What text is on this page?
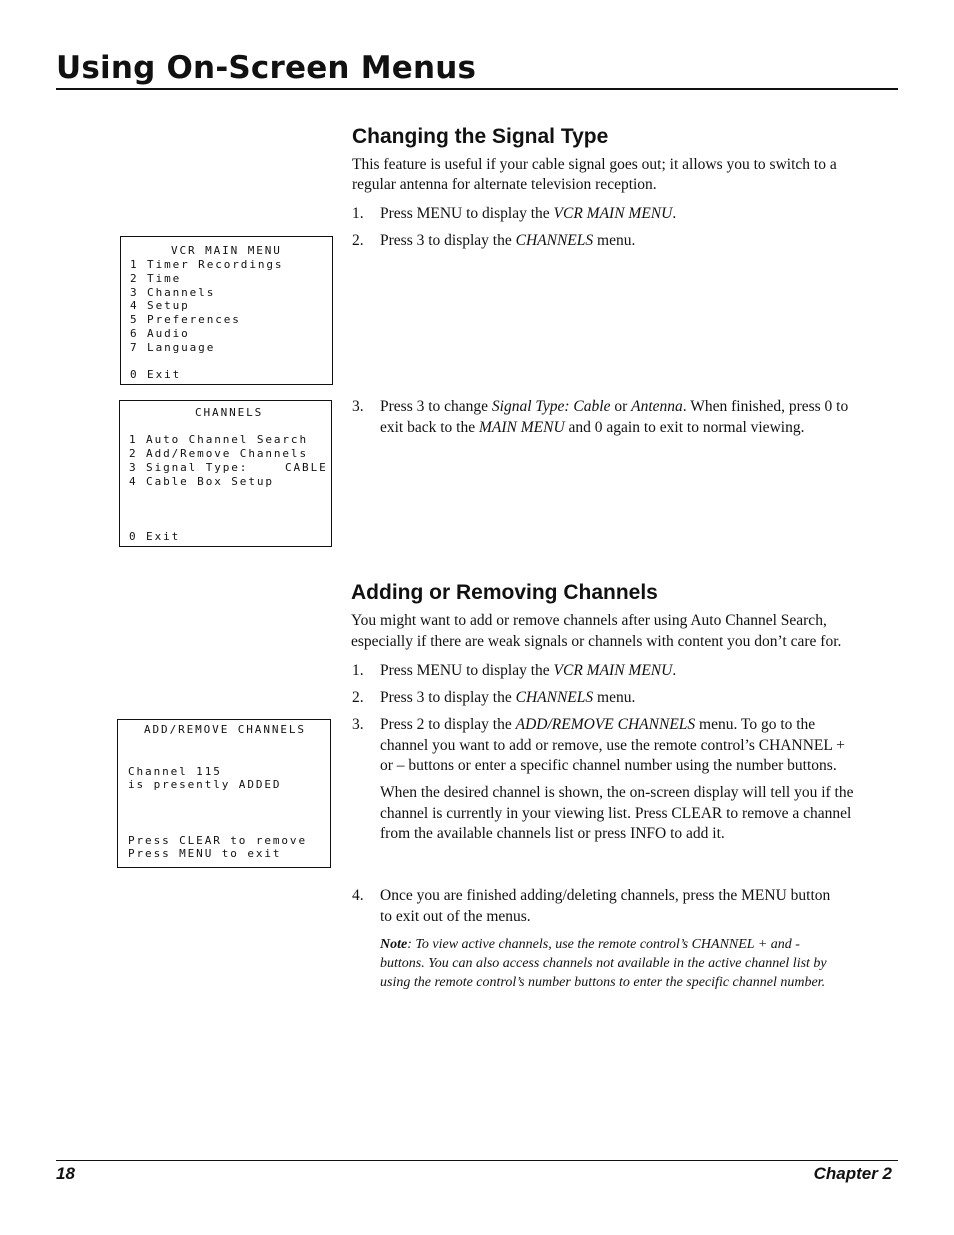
Using On-Screen Menus
Changing the Signal Type

This feature is useful if your cable signal goes out; it allows you to switch to a

regular antenna for alternate television reception.

1.	Press MENU to display the VCR MAIN MENU.
2.	Press 3 to display the CHANNELS menu.
3.	Press 3 to change Signal Type: Cable or Antenna. When finished, press 0 to
exit back to the MAIN MENU and 0 again to exit to normal viewing.
VCR MAIN MENU
1 Timer Recordings
2 Time
3 Channels
4 Setup
5 Preferences
6 Audio
7 Language
0 Exit
CHANNELS
1 Auto Channel Search
2 Add/Remove Channels
3 Signal Type:	CABLE
4 Cable Box Setup
0 Exit
Adding or Removing Channels

You might want to add or remove channels after using Auto Channel Search,

especially if there are weak signals or channels with content you don’t care for.

1.	Press MENU to display the VCR MAIN MENU.
2.	Press 3 to display the CHANNELS menu.
3.	Press 2 to display the ADD/REMOVE CHANNELS menu. To go to the
channel you want to add or remove, use the remote control’s CHANNEL +
or – buttons or enter a specific channel number using the number buttons.
When the desired channel is shown, the on-screen display will tell you if the
channel is currently in your viewing list. Press CLEAR to remove a channel
from the available channels list or press INFO to add it.
4.	Once you are finished adding/deleting channels, press the MENU button
to exit out of the menus.
Note: To view active channels, use the remote control’s CHANNEL + and -
buttons. You can also access channels not available in the active channel list by
using the remote control’s number buttons to enter the specific channel number.
ADD/REMOVE CHANNELS
Channel 115
is presently ADDED
Press CLEAR to remove
Press MENU to exit
18	Chapter 2
